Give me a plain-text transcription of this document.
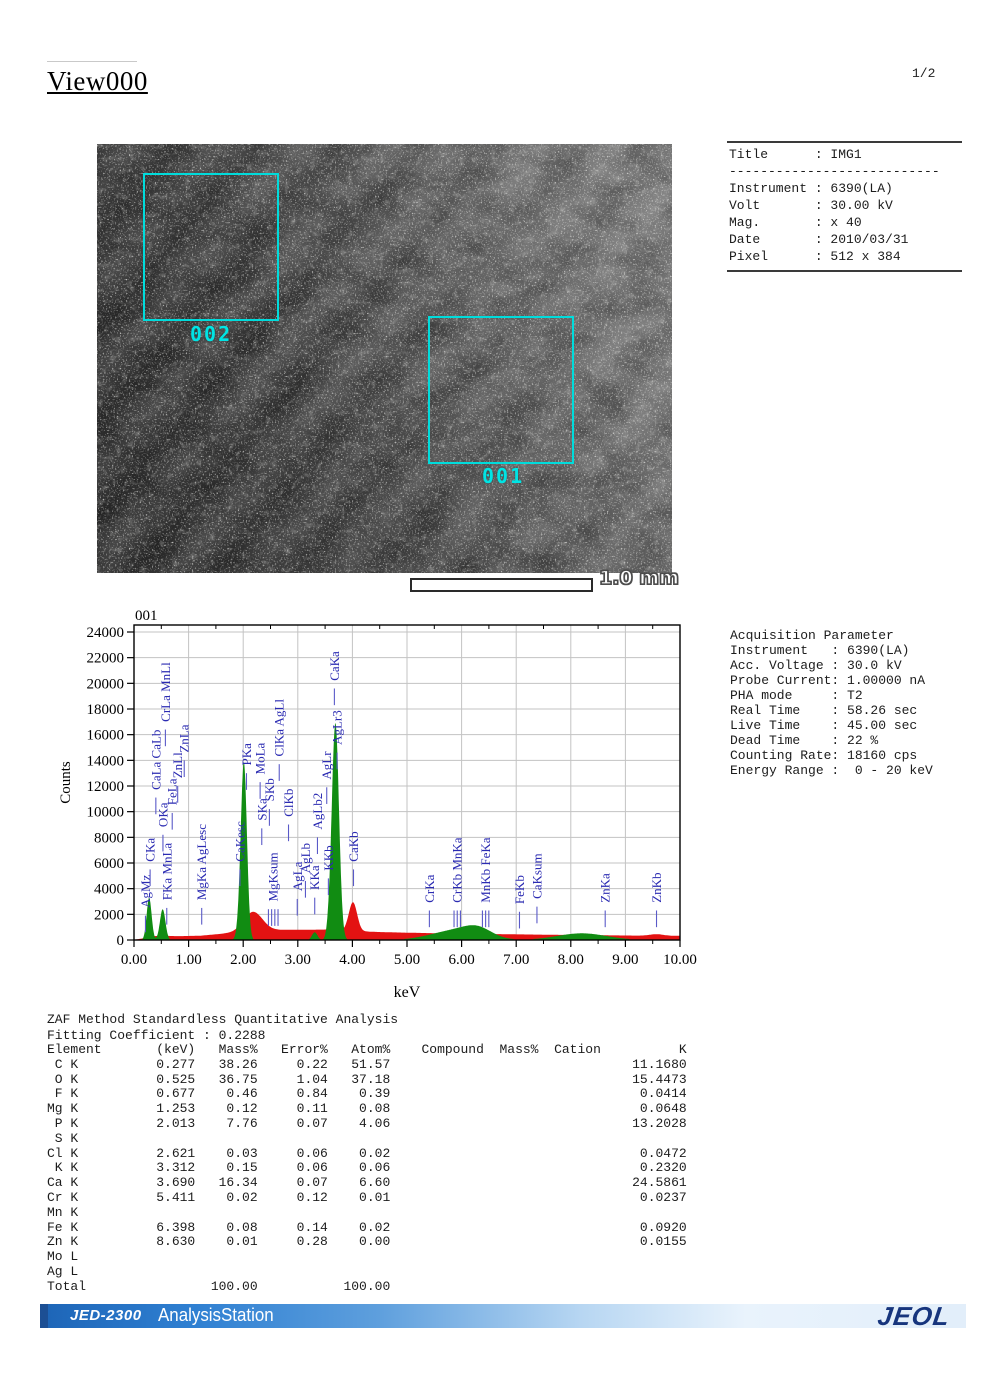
View000	1/2
Title      : IMG1
---------------------------
Instrument : 6390(LA)
Volt       : 30.00 kV
Mag.       : x 40
Date       : 2010/03/31
Pixel      : 512 x 384
002
001
1.0 mm
0
2000
4000
6000
8000
10000
12000
14000
16000
18000
20000
22000
24000
0.00 1.00 2.00 3.00 4.00 5.00 6.00 7.00 8.00 9.00 10.00
Counts
keV
001
AgMz
CKa
CaLa CaLb
OKa
FKa MnLa
CrLa MnLl
FeLa
ZnLl
ZnLa
MgKa AgLesc CaKesc
PKa
MoLa
SKa
SKb
MgKsum
ClKa AgLl
ClKb
AgLa
AgLb
KKa
AgLb2
KKb
AgLr
AgLr3
CaKa
CaKb
CrKa CrKb MnKa MnKb FeKa FeKb CaKsum	ZnKa	ZnKb
Acquisition Parameter
Instrument   : 6390(LA)
Acc. Voltage : 30.0 kV
Probe Current: 1.00000 nA
PHA mode     : T2
Real Time    : 58.26 sec
Live Time    : 45.00 sec
Dead Time    : 22 %
Counting Rate: 18160 cps
Energy Range :  0 - 20 keV
ZAF Method Standardless Quantitative Analysis
Fitting Coefficient : 0.2288
Element       (keV)   Mass%   Error%   Atom%    Compound  Mass%  Cation          K
C K          0.277   38.26     0.22   51.57                               11.1680
O K          0.525   36.75     1.04   37.18                               15.4473
F K          0.677    0.46     0.84    0.39                                0.0414
Mg K          1.253    0.12     0.11    0.08                                0.0648
P K          2.013    7.76     0.07    4.06                               13.2028
S K
Cl K          2.621    0.03     0.06    0.02                                0.0472
K K          3.312    0.15     0.06    0.06                                0.2320
Ca K          3.690   16.34     0.07    6.60                               24.5861
Cr K          5.411    0.02     0.12    0.01                                0.0237
Mn K
Fe K          6.398    0.08     0.14    0.02                                0.0920
Zn K          8.630    0.01     0.28    0.00                                0.0155
Mo L
Ag L
Total                100.00           100.00
JED-2300 AnalysisStation	JEOL
